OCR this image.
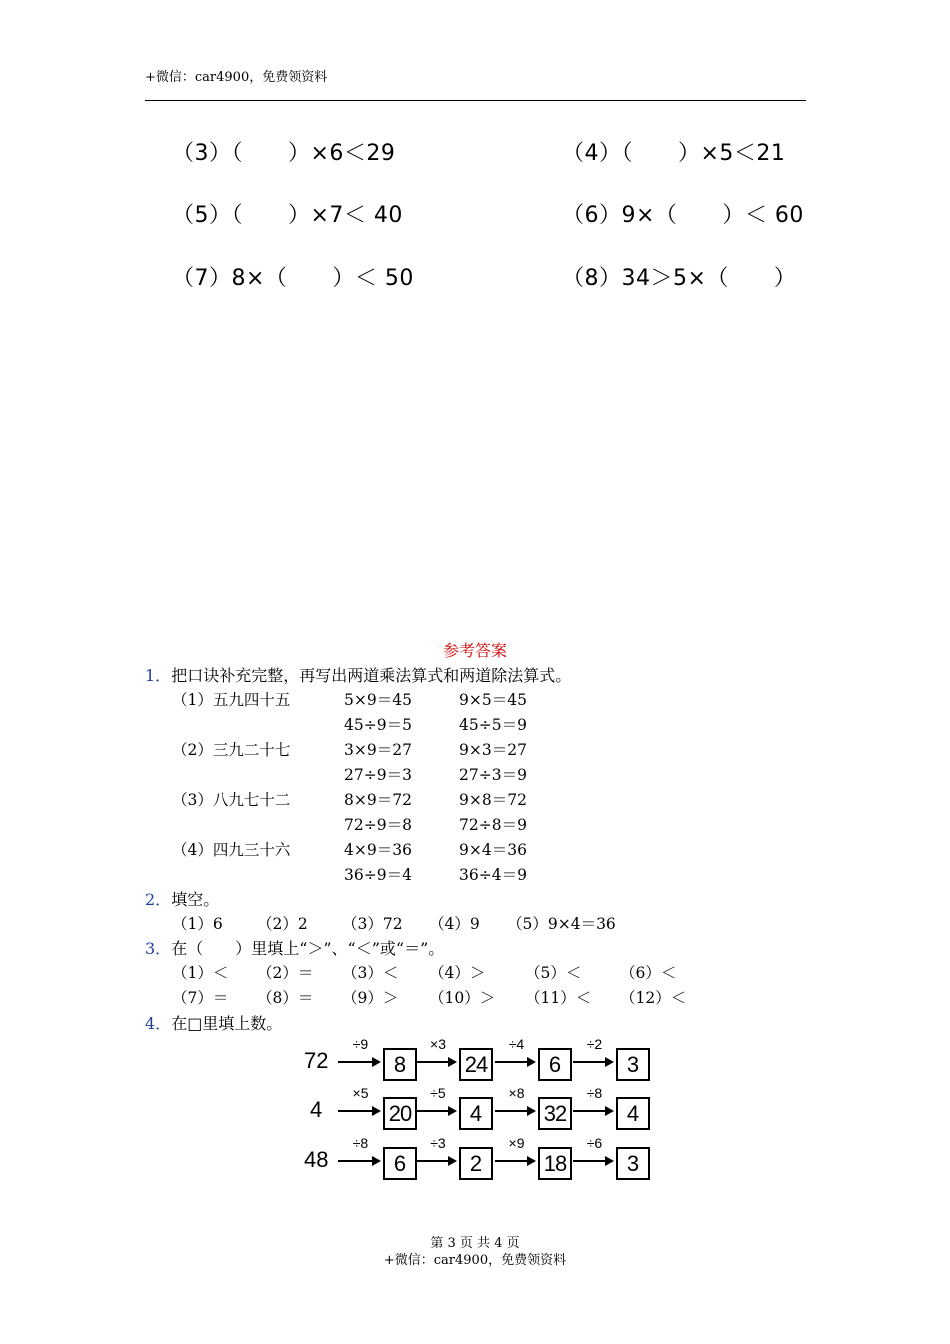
+微信：car4900，免费领资料
（3）（　　）×6＜29	（4）（　　）×5＜21
（5）（　　）×7＜ 40	（6）9×（　　）＜ 60
（7）8×（　　）＜ 50	（8）34＞5×（　　）
参考答案
1．把口诀补充完整，再写出两道乘法算式和两道除法算式。
（1）五九四十五	5×9＝45	9×5＝45
45÷9＝5	45÷5＝9
（2）三九二十七	3×9＝27	9×3＝27
27÷9＝3	27÷3＝9
（3）八九七十二	8×9＝72	9×8＝72
72÷9＝8	72÷8＝9
（4）四九三十六	4×9＝36	9×4＝36
36÷9＝4	36÷4＝9
2．填空。
（1）6 （2）2 （3）72 （4）9 （5）9×4＝36
3．在（　　）里填上“＞”、“＜”或“＝”。
（1）＜ （2）＝ （3）＜ （4）＞	（5）＜ （6）＜
（7）＝ （8）＝ （9）＞ （10）＞ （11）＜ （12）＜
4．在□里填上数。
72
÷9
8
×3
24
÷4
6
÷2
3
4
×5
20
÷5
4
×8
32
÷8
4
48
÷8
6
÷3
2
×9
18
÷6
3
第 3 页 共 4 页
+微信：car4900，免费领资料
